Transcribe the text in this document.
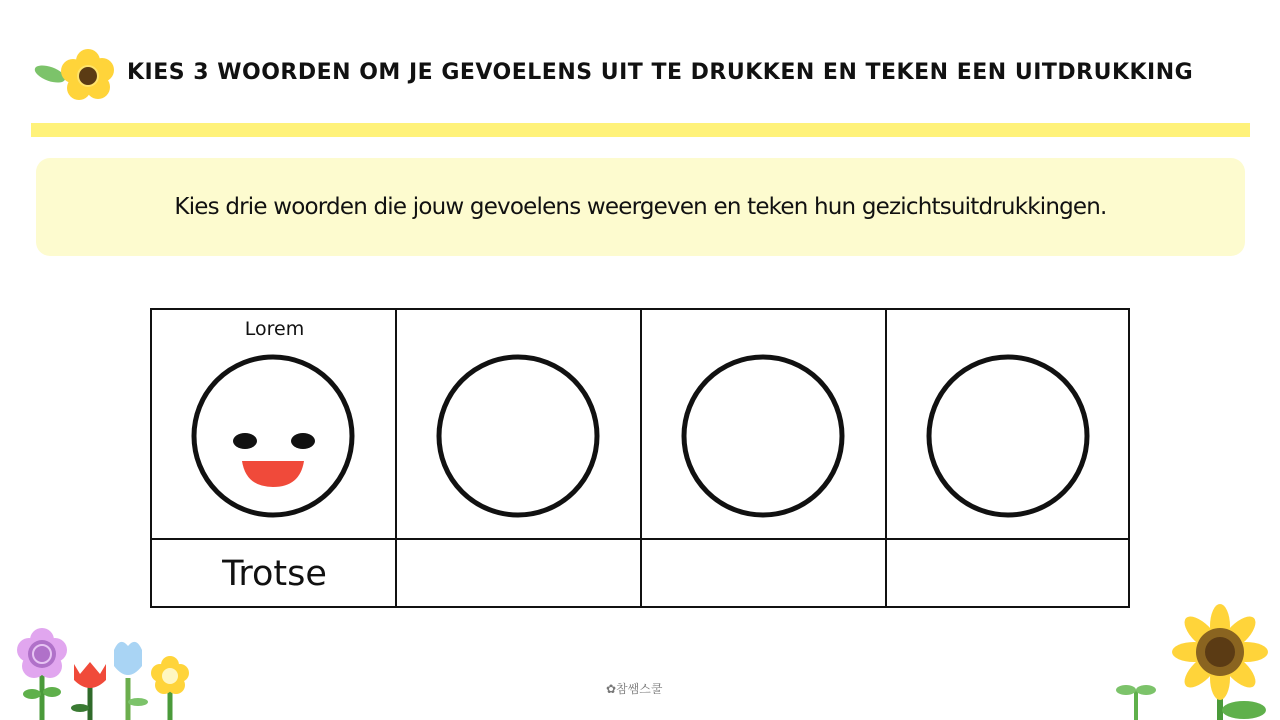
KIES 3 WOORDEN OM JE GEVOELENS UIT TE DRUKKEN EN TEKEN EEN UITDRUKKING
Kies drie woorden die jouw gevoelens weergeven en teken hun gezichtsuitdrukkingen.
Lorem
Trotse
✿참쌤스쿨
